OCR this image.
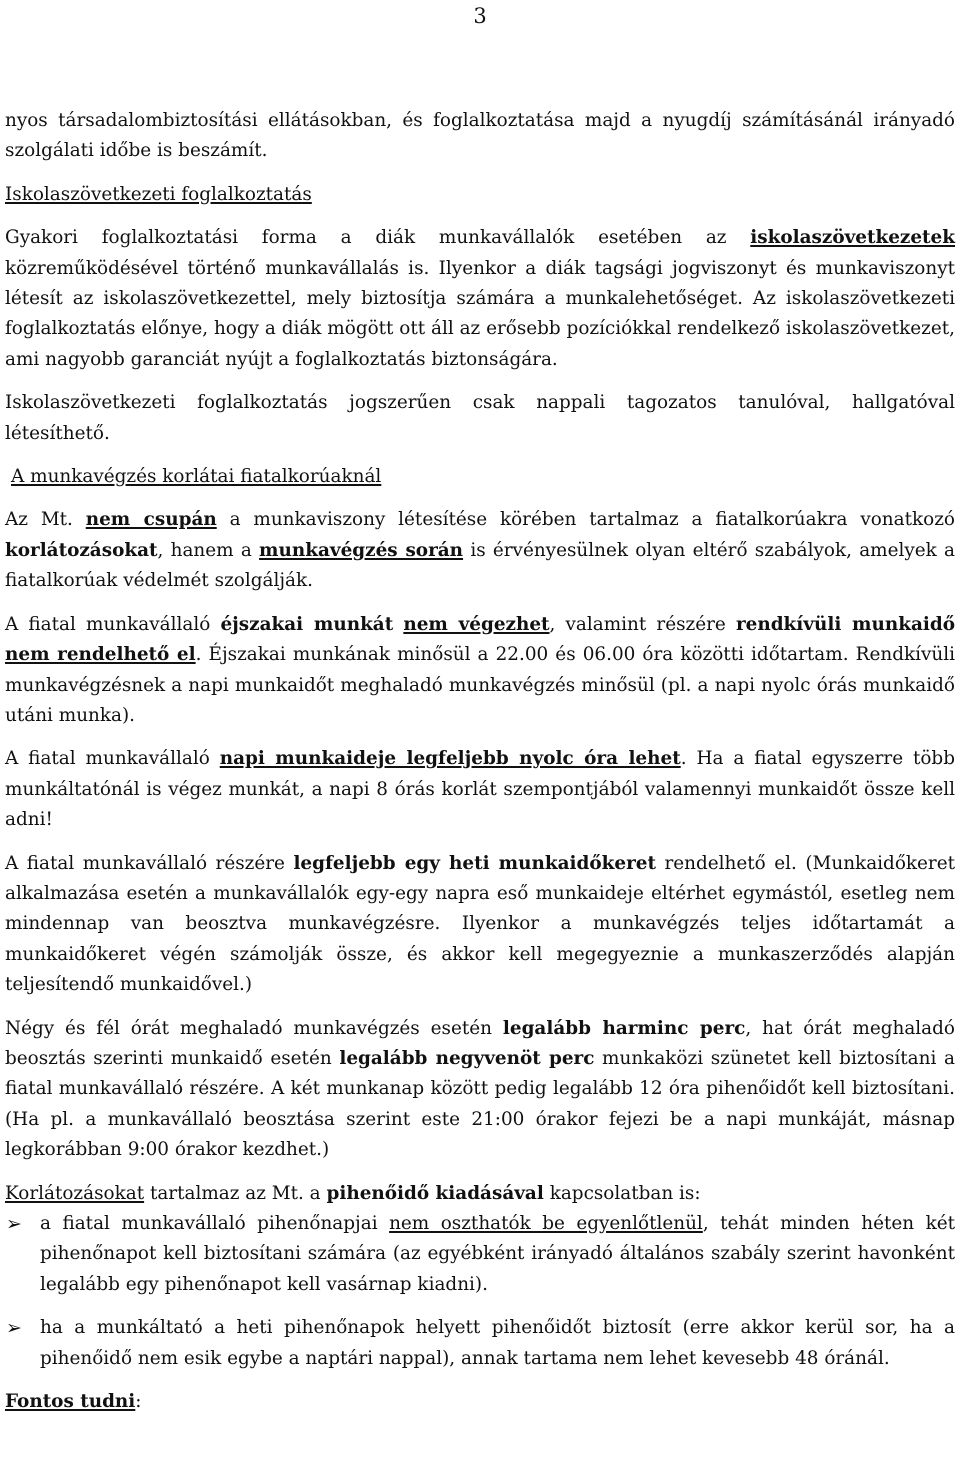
3

nyos társadalombiztosítási ellátásokban, és foglalkoztatása majd a nyugdíj számításánál irányadó szolgálati időbe is beszámít.

Iskolaszövetkezeti foglalkoztatás

Gyakori foglalkoztatási forma a diák munkavállalók esetében az iskolaszövetkezetek közreműködésével történő munkavállalás is. Ilyenkor a diák tagsági jogviszonyt és munkaviszonyt létesít az iskolaszövetkezettel, mely biztosítja számára a munkalehetőséget. Az iskolaszövetkezeti foglalkoztatás előnye, hogy a diák mögött ott áll az erősebb pozíciókkal rendelkező iskolaszövetkezet, ami nagyobb garanciát nyújt a foglalkoztatás biztonságára.

Iskolaszövetkezeti foglalkoztatás jogszerűen csak nappali tagozatos tanulóval, hallgatóval létesíthető.

A munkavégzés korlátai fiatalkorúaknál

Az Mt. nem csupán a munkaviszony létesítése körében tartalmaz a fiatalkorúakra vonatkozó korlátozásokat, hanem a munkavégzés során is érvényesülnek olyan eltérő szabályok, amelyek a fiatalkorúak védelmét szolgálják.

A fiatal munkavállaló éjszakai munkát nem végezhet, valamint részére rendkívüli munkaidő nem rendelhető el. Éjszakai munkának minősül a 22.00 és 06.00 óra közötti időtartam. Rendkívüli munkavégzésnek a napi munkaidőt meghaladó munkavégzés minősül (pl. a napi nyolc órás munkaidő utáni munka).

A fiatal munkavállaló napi munkaideje legfeljebb nyolc óra lehet. Ha a fiatal egyszerre több munkáltatónál is végez munkát, a napi 8 órás korlát szempontjából valamennyi munkaidőt össze kell adni!

A fiatal munkavállaló részére legfeljebb egy heti munkaidőkeret rendelhető el. (Munkaidőkeret alkalmazása esetén a munkavállalók egy-egy napra eső munkaideje eltérhet egymástól, esetleg nem mindennap van beosztva munkavégzésre. Ilyenkor a munkavégzés teljes időtartamát a munkaidőkeret végén számolják össze, és akkor kell megegyeznie a munkaszerződés alapján teljesítendő munkaidővel.)

Négy és fél órát meghaladó munkavégzés esetén legalább harminc perc, hat órát meghaladó beosztás szerinti munkaidő esetén legalább negyvenöt perc munkaközi szünetet kell biztosítani a fiatal munkavállaló részére. A két munkanap között pedig legalább 12 óra pihenőidőt kell biztosítani. (Ha pl. a munkavállaló beosztása szerint este 21:00 órakor fejezi be a napi munkáját, másnap legkorábban 9:00 órakor kezdhet.)

Korlátozásokat tartalmaz az Mt. a pihenőidő kiadásával kapcsolatban is:

➢ a fiatal munkavállaló pihenőnapjai nem oszthatók be egyenlőtlenül, tehát minden héten két pihenőnapot kell biztosítani számára (az egyébként irányadó általános szabály szerint havonként legalább egy pihenőnapot kell vasárnap kiadni).
➢ ha a munkáltató a heti pihenőnapok helyett pihenőidőt biztosít (erre akkor kerül sor, ha a pihenőidő nem esik egybe a naptári nappal), annak tartama nem lehet kevesebb 48 óránál.

Fontos tudni:
